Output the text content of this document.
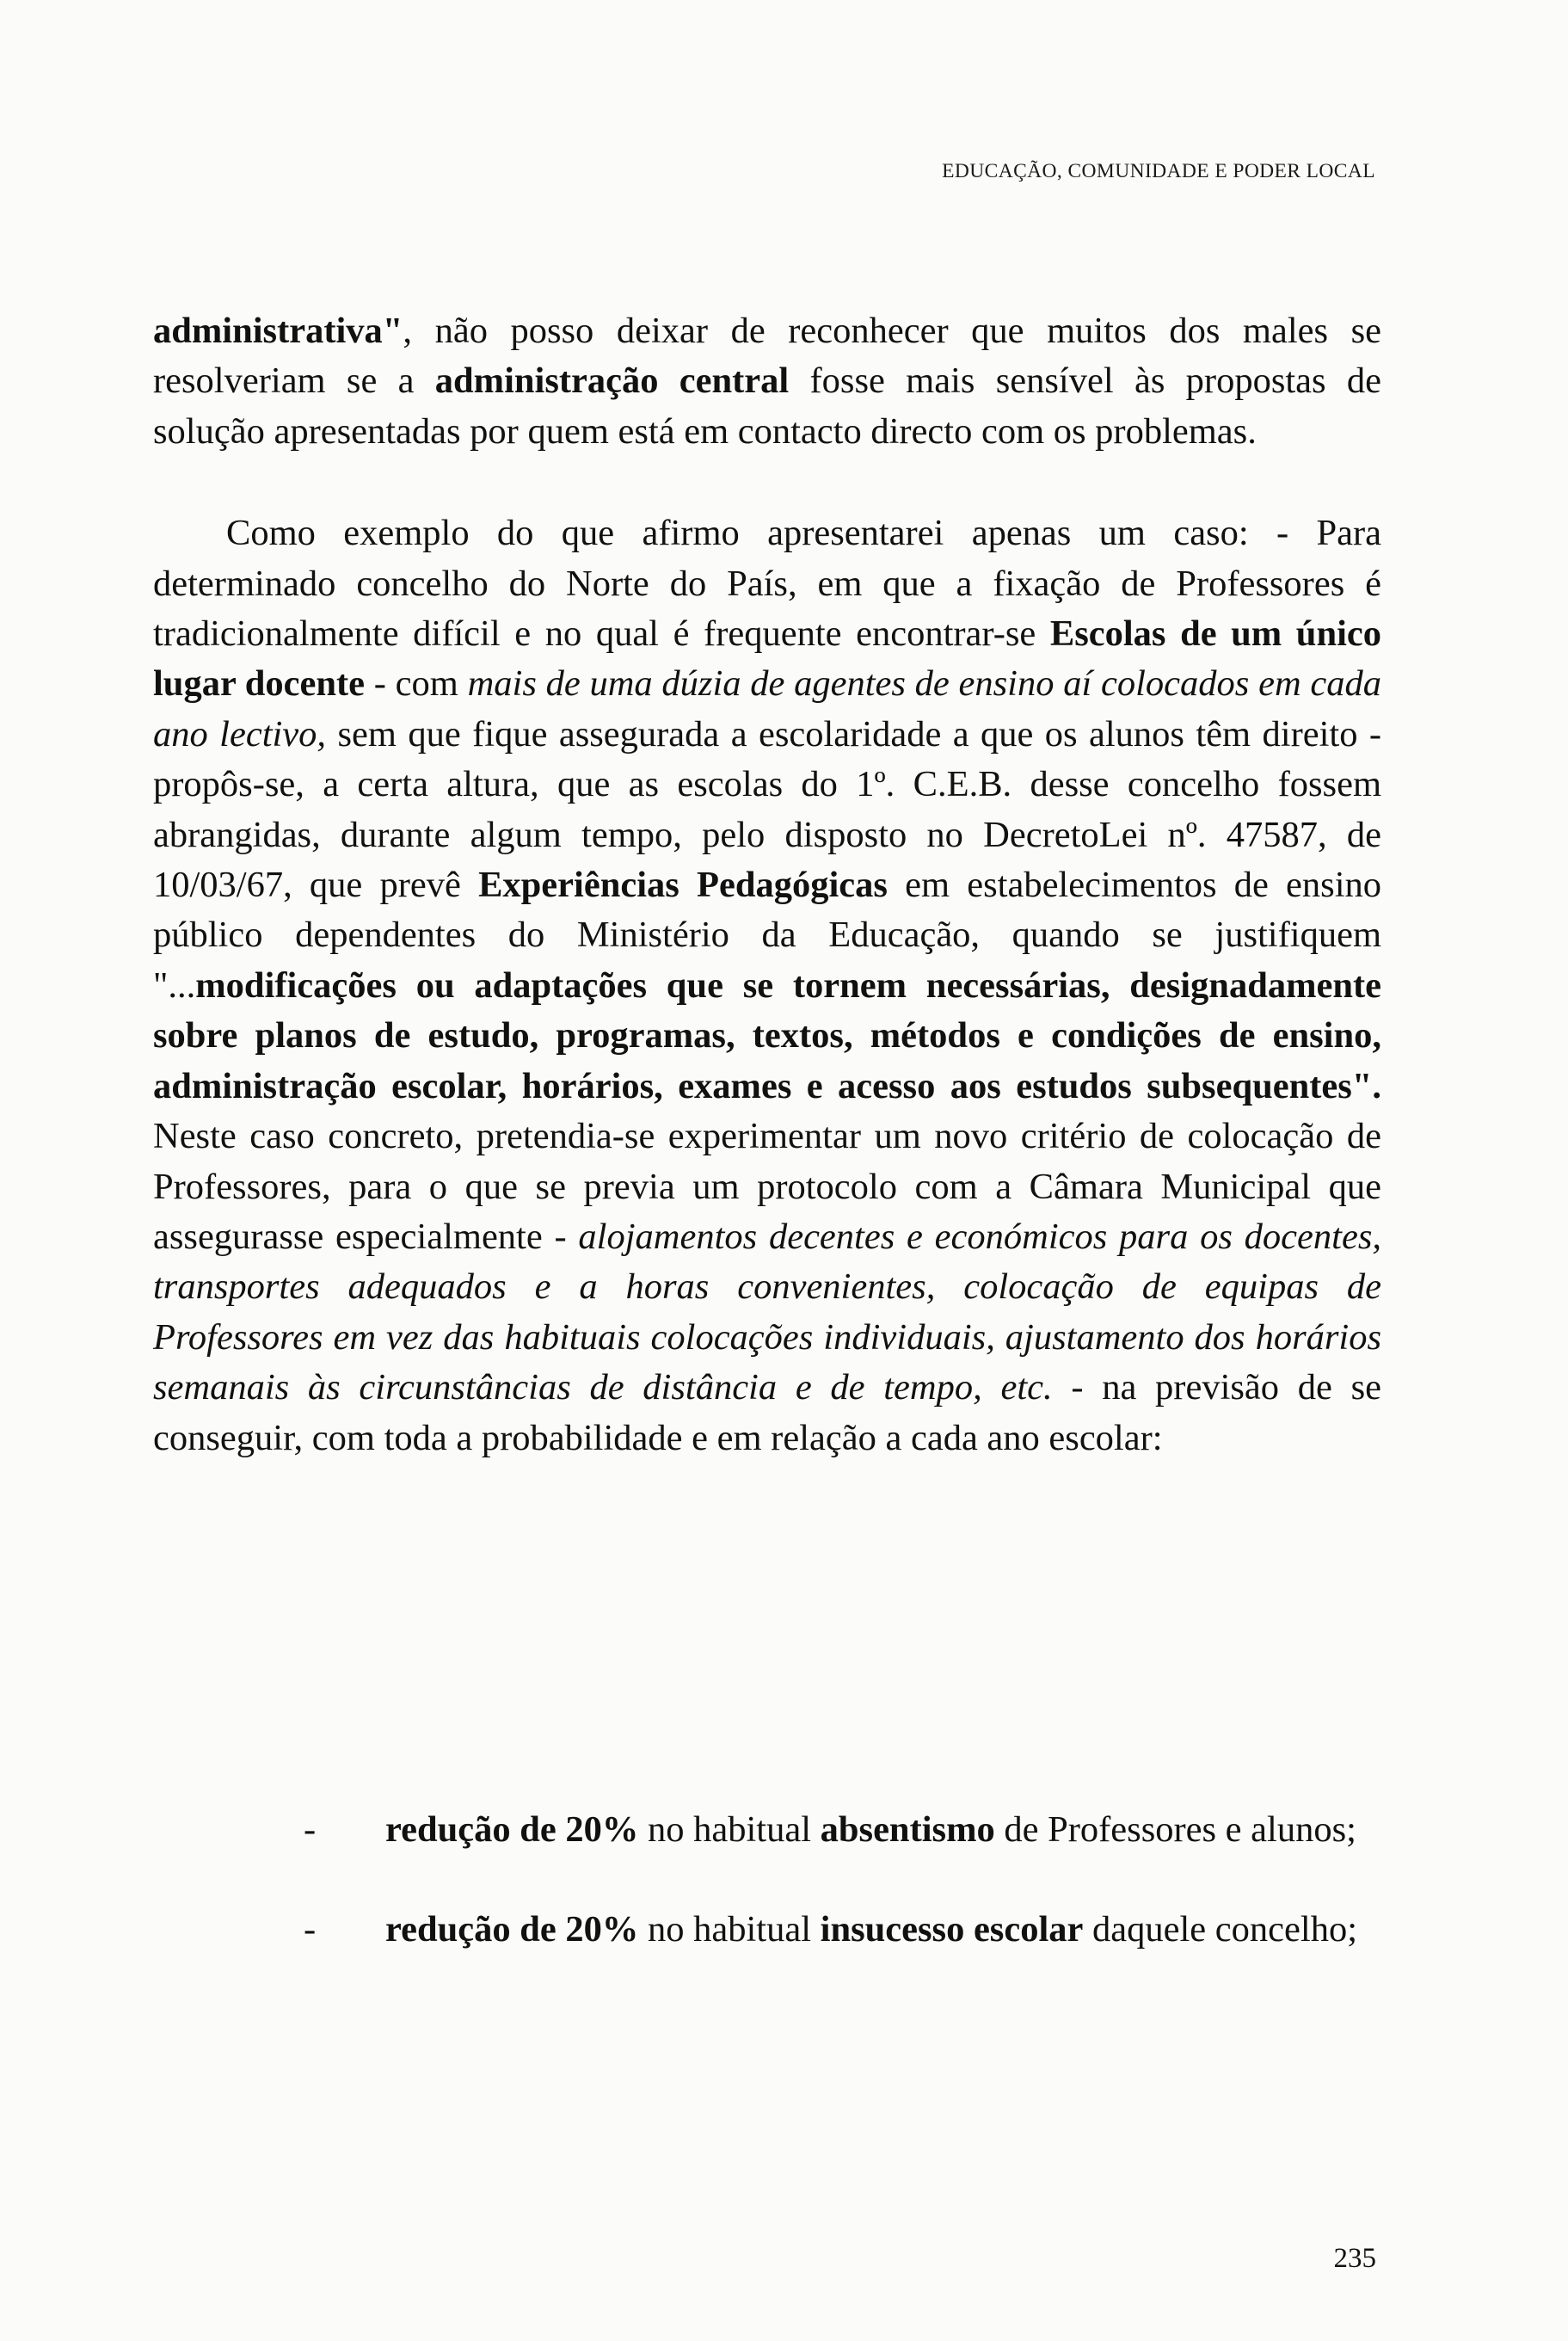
EDUCAÇÃO, COMUNIDADE E PODER LOCAL

administrativa", não posso deixar de reconhecer que muitos dos males se resolveriam se a administração central fosse mais sensível às propostas de solução apresentadas por quem está em contacto directo com os problemas.

Como exemplo do que afirmo apresentarei apenas um caso: - Para determinado concelho do Norte do País, em que a fixação de Professores é tradicionalmente difícil e no qual é frequente encontrar-se Escolas de um único lugar docente - com mais de uma dúzia de agentes de ensino aí colocados em cada ano lectivo, sem que fique assegurada a escolaridade a que os alunos têm direito - propôs-se, a certa altura, que as escolas do 1º. C.E.B. desse concelho fossem abrangidas, durante algum tempo, pelo disposto no DecretoLei nº. 47587, de 10/03/67, que prevê Experiências Pedagógicas em estabelecimentos de ensino público dependentes do Ministério da Educação, quando se justifiquem "...modificações ou adaptações que se tornem necessárias, designadamente sobre planos de estudo, programas, textos, métodos e condições de ensino, administração escolar, horários, exames e acesso aos estudos subsequentes". Neste caso concreto, pretendia-se experimentar um novo critério de colocação de Professores, para o que se previa um protocolo com a Câmara Municipal que assegurasse especialmente - alojamentos decentes e económicos para os docentes, transportes adequados e a horas convenientes, colocação de equipas de Professores em vez das habituais colocações individuais, ajustamento dos horários semanais às circunstâncias de distância e de tempo, etc. - na previsão de se conseguir, com toda a probabilidade e em relação a cada ano escolar:

- redução de 20% no habitual absentismo de Professores e alunos;
- redução de 20% no habitual insucesso escolar daquele concelho;
235
